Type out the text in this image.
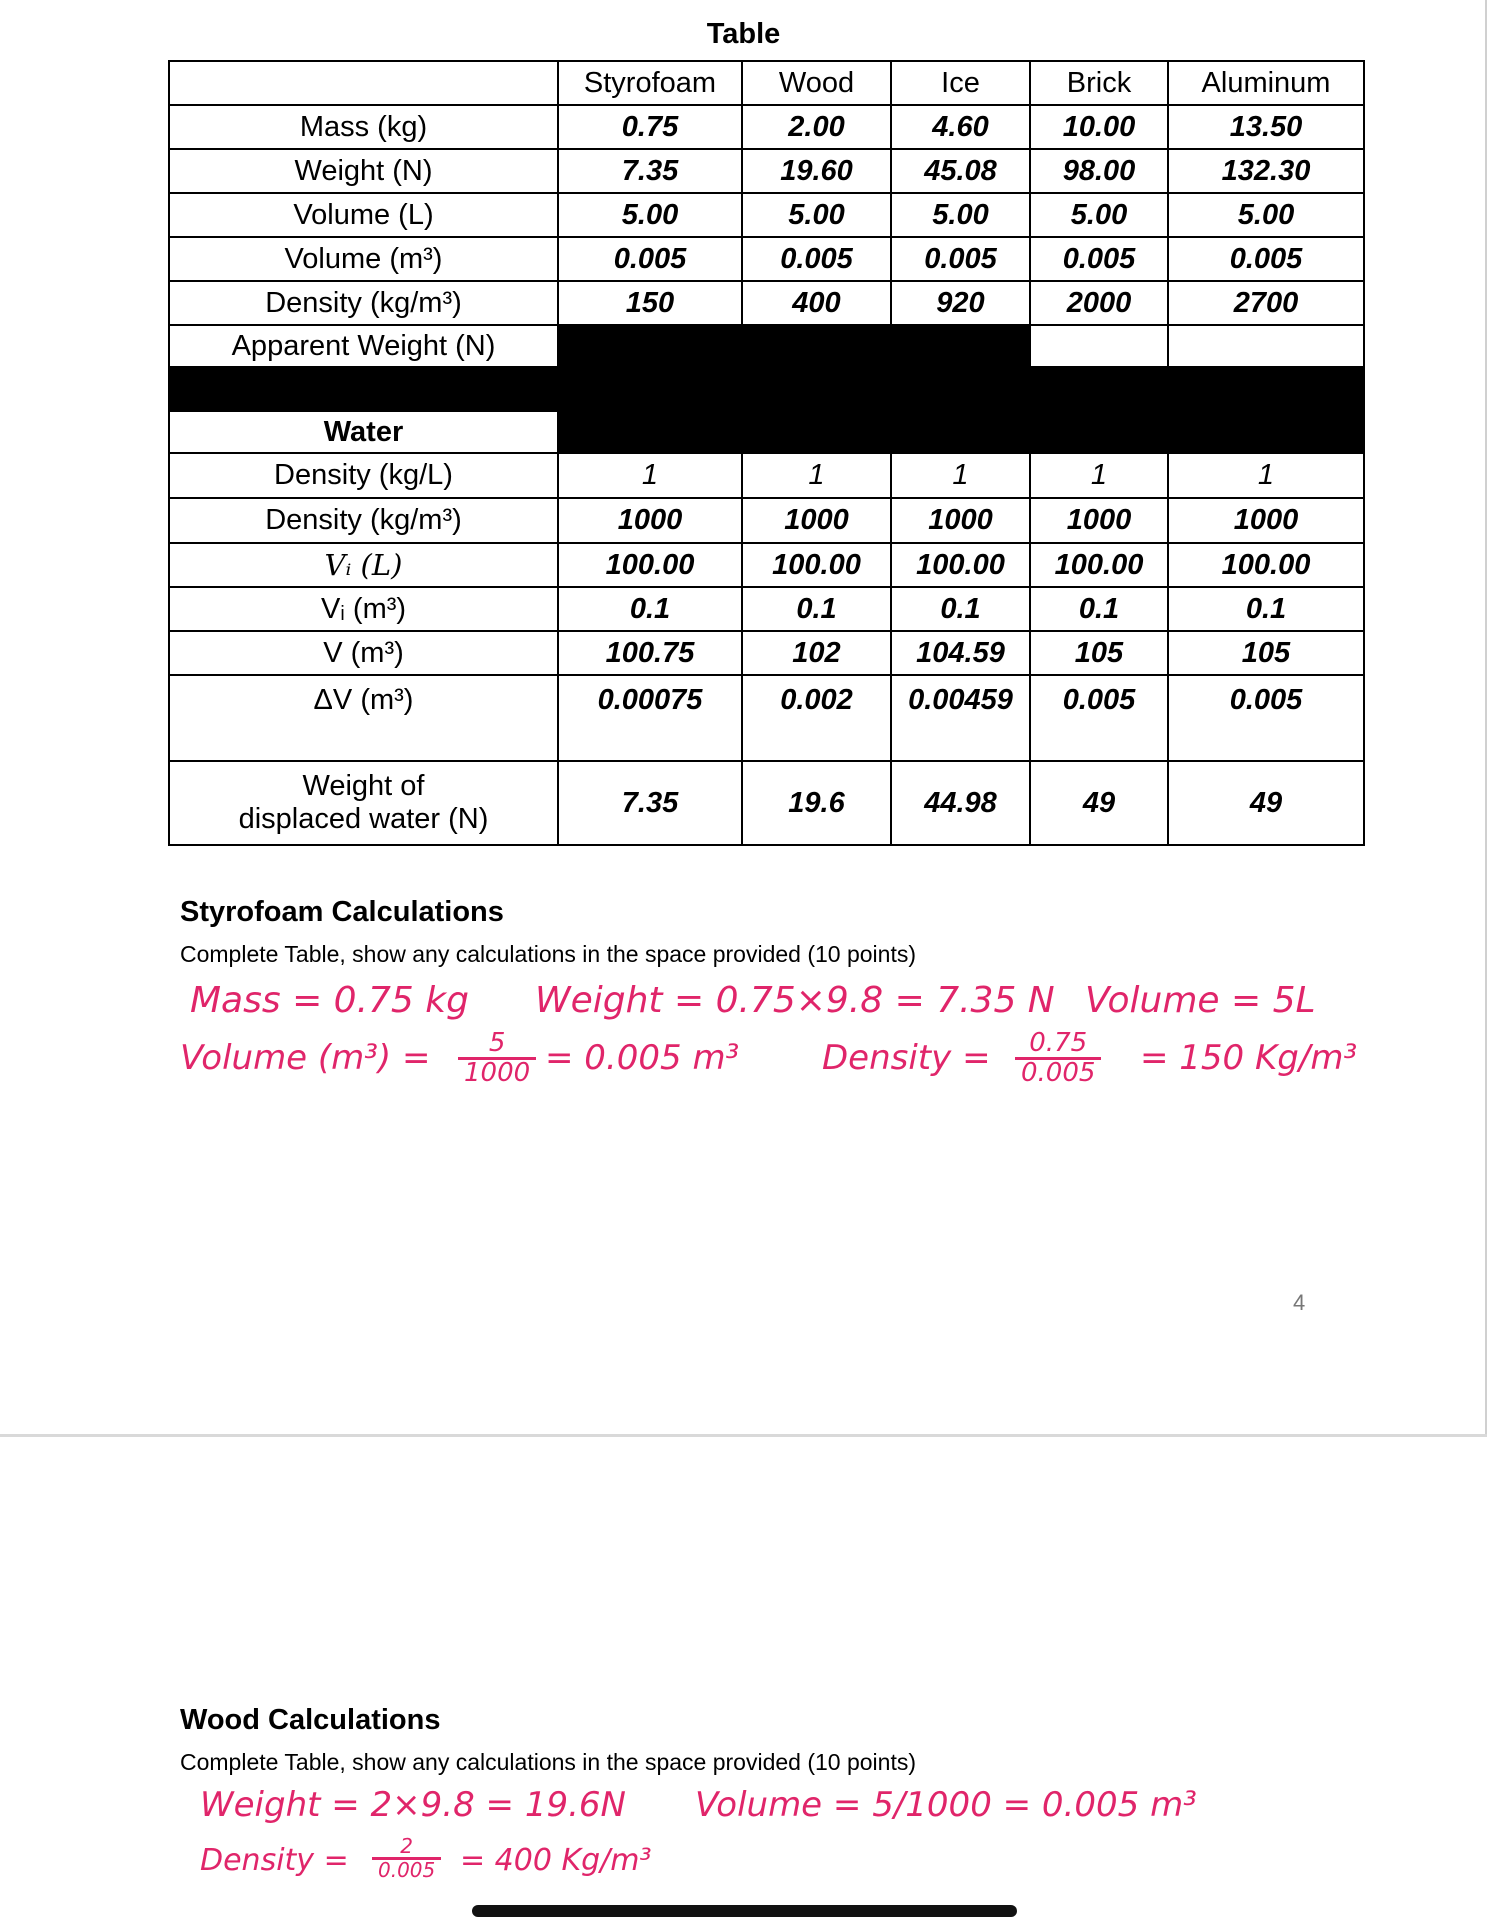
Table
	Styrofoam	Wood	Ice	Brick	Aluminum
Mass (kg)	0.75	2.00	4.60	10.00	13.50
Weight (N)	7.35	19.60	45.08	98.00	132.30
Volume (L)	5.00	5.00	5.00	5.00	5.00
Volume (m³)	0.005	0.005	0.005	0.005	0.005
Density (kg/m³)	150	400	920	2000	2700
Apparent Weight (N)					

Water					
Density (kg/L)	1	1	1	1	1
Density (kg/m³)	1000	1000	1000	1000	1000
Vᵢ (L)	100.00	100.00	100.00	100.00	100.00
Vᵢ (m³)	0.1	0.1	0.1	0.1	0.1
V (m³)	100.75	102	104.59	105	105
ΔV (m³)	0.00075	0.002	0.00459	0.005	0.005

Weight of
displaced water (N)	7.35	19.6	44.98	49	49
Styrofoam Calculations
Complete Table, show any calculations in the space provided (10 points)
Mass = 0.75 kg Weight = 0.75×9.8 = 7.35 N Volume = 5L
Volume $(m^3) = \frac{5}{1000} = 0.005$ m³ Density = $\frac{0.75}{0.005} = 150$ Kg/m³
4
Wood Calculations
Complete Table, show any calculations in the space provided (10 points)
Weight = 2×9.8 = 19.6N Volume = 5/1000 = 0.005 m³
Density = $\frac{2}{0.005} = 400$ Kg/m³
